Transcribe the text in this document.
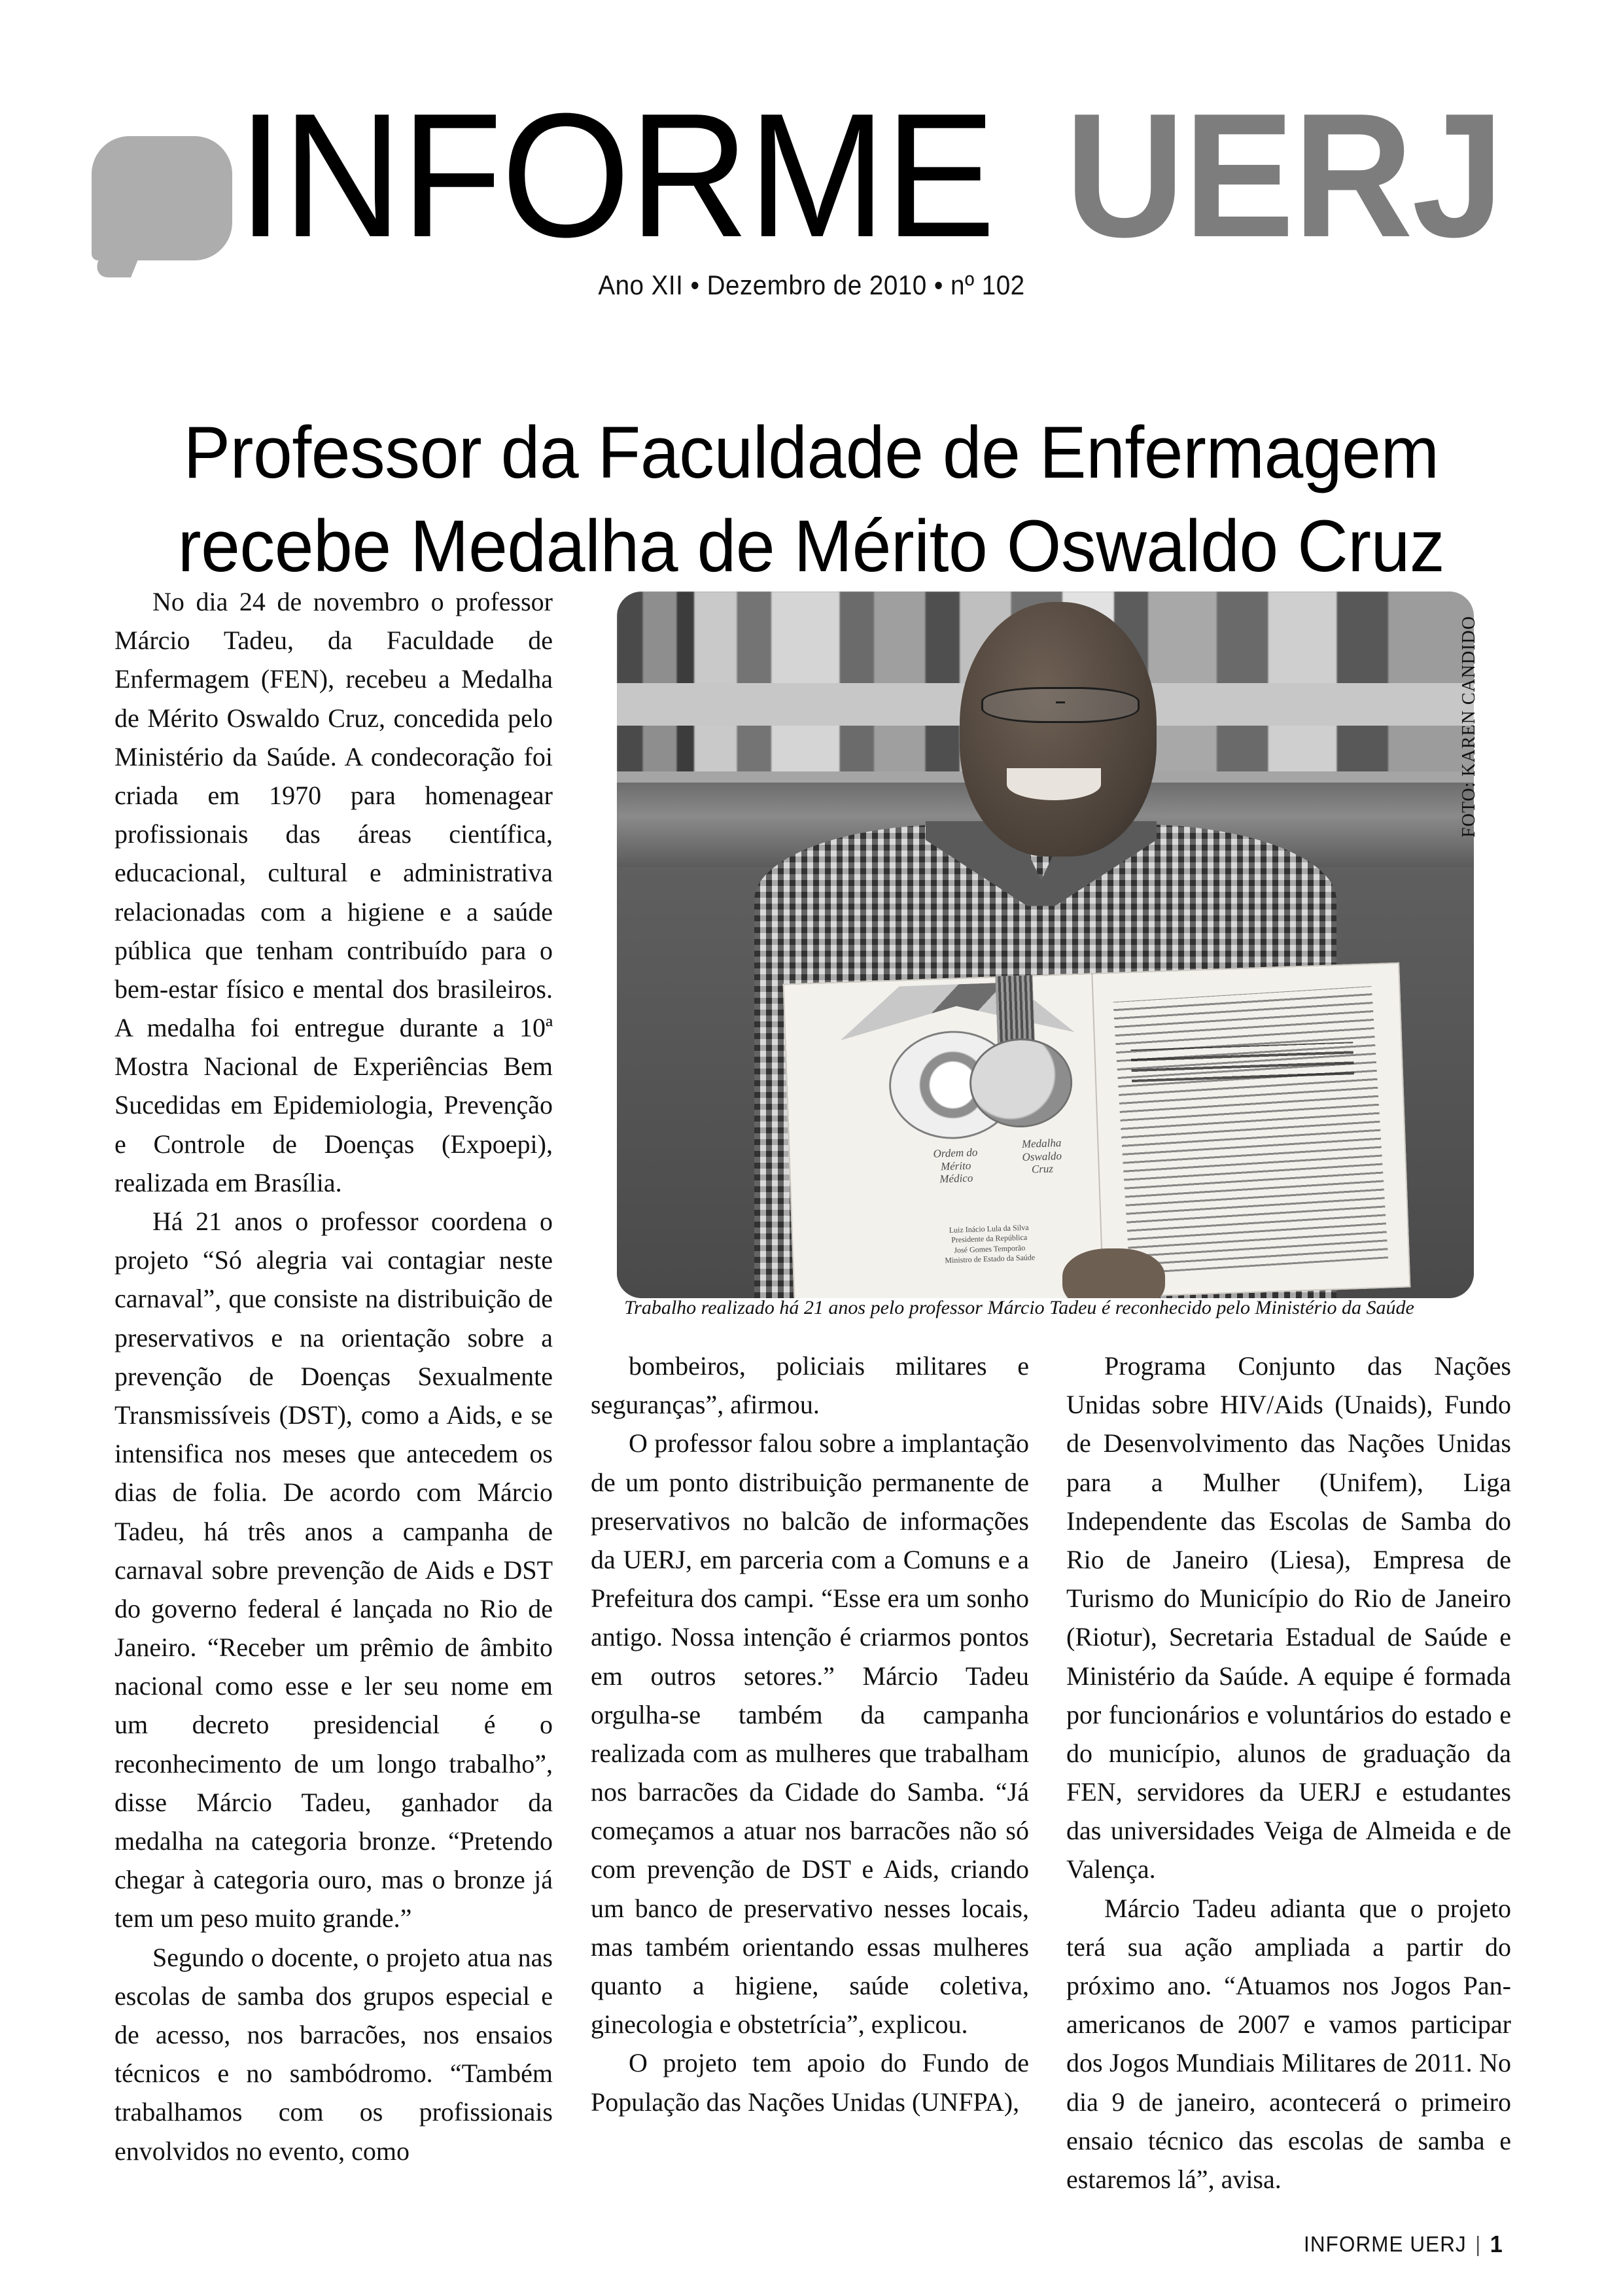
INFORME UERJ
Ano XII • Dezembro de 2010 • nº 102
Professor da Faculdade de Enfermagem
recebe Medalha de Mérito Oswaldo Cruz
Ordem do
Mérito
Médico
Medalha
Oswaldo
Cruz
Luiz Inácio Lula da Silva
Presidente da República
José Gomes Temporão
Ministro de Estado da Saúde
FOTO: KAREN CANDIDO
Trabalho realizado há 21 anos pelo professor Márcio Tadeu é reconhecido pelo Ministério da Saúde

No dia 24 de novembro o professor Márcio Tadeu, da Faculdade de Enfermagem (FEN), recebeu a Medalha de Mérito Oswaldo Cruz, concedida pelo Ministério da Saúde. A condecoração foi criada em 1970 para homenagear profissionais das áreas científica, educacional, cultural e administrativa relacionadas com a higiene e a saúde pública que tenham contribuído para o bem-estar físico e mental dos brasileiros. A medalha foi entregue durante a 10ª Mostra Nacional de Experiências Bem Sucedidas em Epidemiologia, Prevenção e Controle de Doenças (Expoepi), realizada em Brasília.

Há 21 anos o professor coordena o projeto “Só alegria vai contagiar neste carnaval”, que consiste na distribuição de preservativos e na orientação sobre a prevenção de Doenças Sexualmente Transmissíveis (DST), como a Aids, e se intensifica nos meses que antecedem os dias de folia. De acordo com Márcio Tadeu, há três anos a campanha de carnaval sobre prevenção de Aids e DST do governo federal é lançada no Rio de Janeiro. “Receber um prêmio de âmbito nacional como esse e ler seu nome em um decreto presidencial é o reconhecimento de um longo trabalho”, disse Márcio Tadeu, ganhador da medalha na categoria bronze. “Pretendo chegar à categoria ouro, mas o bronze já tem um peso muito grande.”

Segundo o docente, o projeto atua nas escolas de samba dos grupos especial e de acesso, nos barracões, nos ensaios técnicos e no sambódromo. “Também trabalhamos com os profissionais envolvidos no evento, como

bombeiros, policiais militares e seguranças”, afirmou.

O professor falou sobre a implantação de um ponto distribuição permanente de preservativos no balcão de informações da UERJ, em parceria com a Comuns e a Prefeitura dos campi. “Esse era um sonho antigo. Nossa intenção é criarmos pontos em outros setores.” Márcio Tadeu orgulha-se também da campanha realizada com as mulheres que trabalham nos barracões da Cidade do Samba. “Já começamos a atuar nos barracões não só com prevenção de DST e Aids, criando um banco de preservativo nesses locais, mas também orientando essas mulheres quanto a higiene, saúde coletiva, ginecologia e obstetrícia”, explicou.

O projeto tem apoio do Fundo de População das Nações Unidas (UNFPA),

Programa Conjunto das Nações Unidas sobre HIV/Aids (Unaids), Fundo de Desenvolvimento das Nações Unidas para a Mulher (Unifem), Liga Independente das Escolas de Samba do Rio de Janeiro (Liesa), Empresa de Turismo do Município do Rio de Janeiro (Riotur), Secretaria Estadual de Saúde e Ministério da Saúde. A equipe é formada por funcionários e voluntários do estado e do município, alunos de graduação da FEN, servidores da UERJ e estudantes das universidades Veiga de Almeida e de Valença.

Márcio Tadeu adianta que o projeto terá sua ação ampliada a partir do próximo ano. “Atuamos nos Jogos Pan-americanos de 2007 e vamos participar dos Jogos Mundiais Militares de 2011. No dia 9 de janeiro, acontecerá o primeiro ensaio técnico das escolas de samba e estaremos lá”, avisa.

INFORME UERJ | 1
